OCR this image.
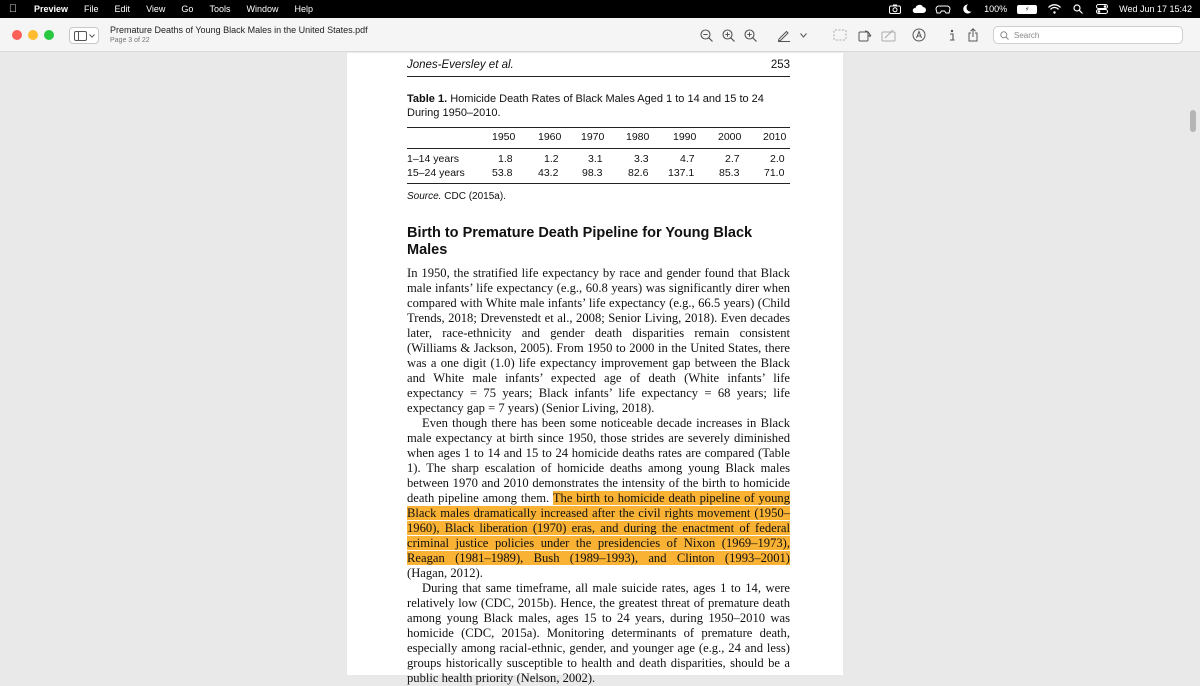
Preview	File	Edit	View	Go	Tools	Window	Help	100%	⚡	Wed Jun 17 15:42
Premature Deaths of Young Black Males in the United States.pdf
Page 3 of 22
Search
Jones-Eversley et al.	253
Table 1. Homicide Death Rates of Black Males Aged 1 to 14 and 15 to 24 During 1950–2010.
1950 1960 1970 1980 1990 2000 2010
1–14 years	1.8	1.2	3.1	3.3	4.7	2.7	2.0
15–24 years	53.8 43.2 98.3 82.6 137.1 85.3 71.0
Source. CDC (2015a).
Birth to Premature Death Pipeline for Young Black Males

In 1950, the stratified life expectancy by race and gender found that Black male infants’ life expectancy (e.g., 60.8 years) was significantly direr when compared with White male infants’ life expectancy (e.g., 66.5 years) (Child Trends, 2018; Drevenstedt et al., 2008; Senior Living, 2018). Even decades later, race-ethnicity and gender death disparities remain consistent (Williams & Jackson, 2005). From 1950 to 2000 in the United States, there was a one digit (1.0) life expectancy improvement gap between the Black and White male infants’ expected age of death (White infants’ life expectancy = 75 years; Black infants’ life expectancy = 68 years; life expectancy gap = 7 years) (Senior Living, 2018).

Even though there has been some noticeable decade increases in Black male expectancy at birth since 1950, those strides are severely diminished when ages 1 to 14 and 15 to 24 homicide deaths rates are compared (Table 1). The sharp escalation of homicide deaths among young Black males between 1970 and 2010 demonstrates the intensity of the birth to homicide death pipeline among them. The birth to homicide death pipeline of young Black males dramatically increased after the civil rights movement (1950–1960), Black liberation (1970) eras, and during the enactment of federal criminal justice policies under the presidencies of Nixon (1969–1973), Reagan (1981–1989), Bush (1989–1993), and Clinton (1993–2001) (Hagan, 2012).

During that same timeframe, all male suicide rates, ages 1 to 14, were relatively low (CDC, 2015b). Hence, the greatest threat of premature death among young Black males, ages 15 to 24 years, during 1950–2010 was homicide (CDC, 2015a). Monitoring determinants of premature death, especially among racial-ethnic, gender, and younger age (e.g., 24 and less) groups historically susceptible to health and death disparities, should be a public health priority (Nelson, 2002).
